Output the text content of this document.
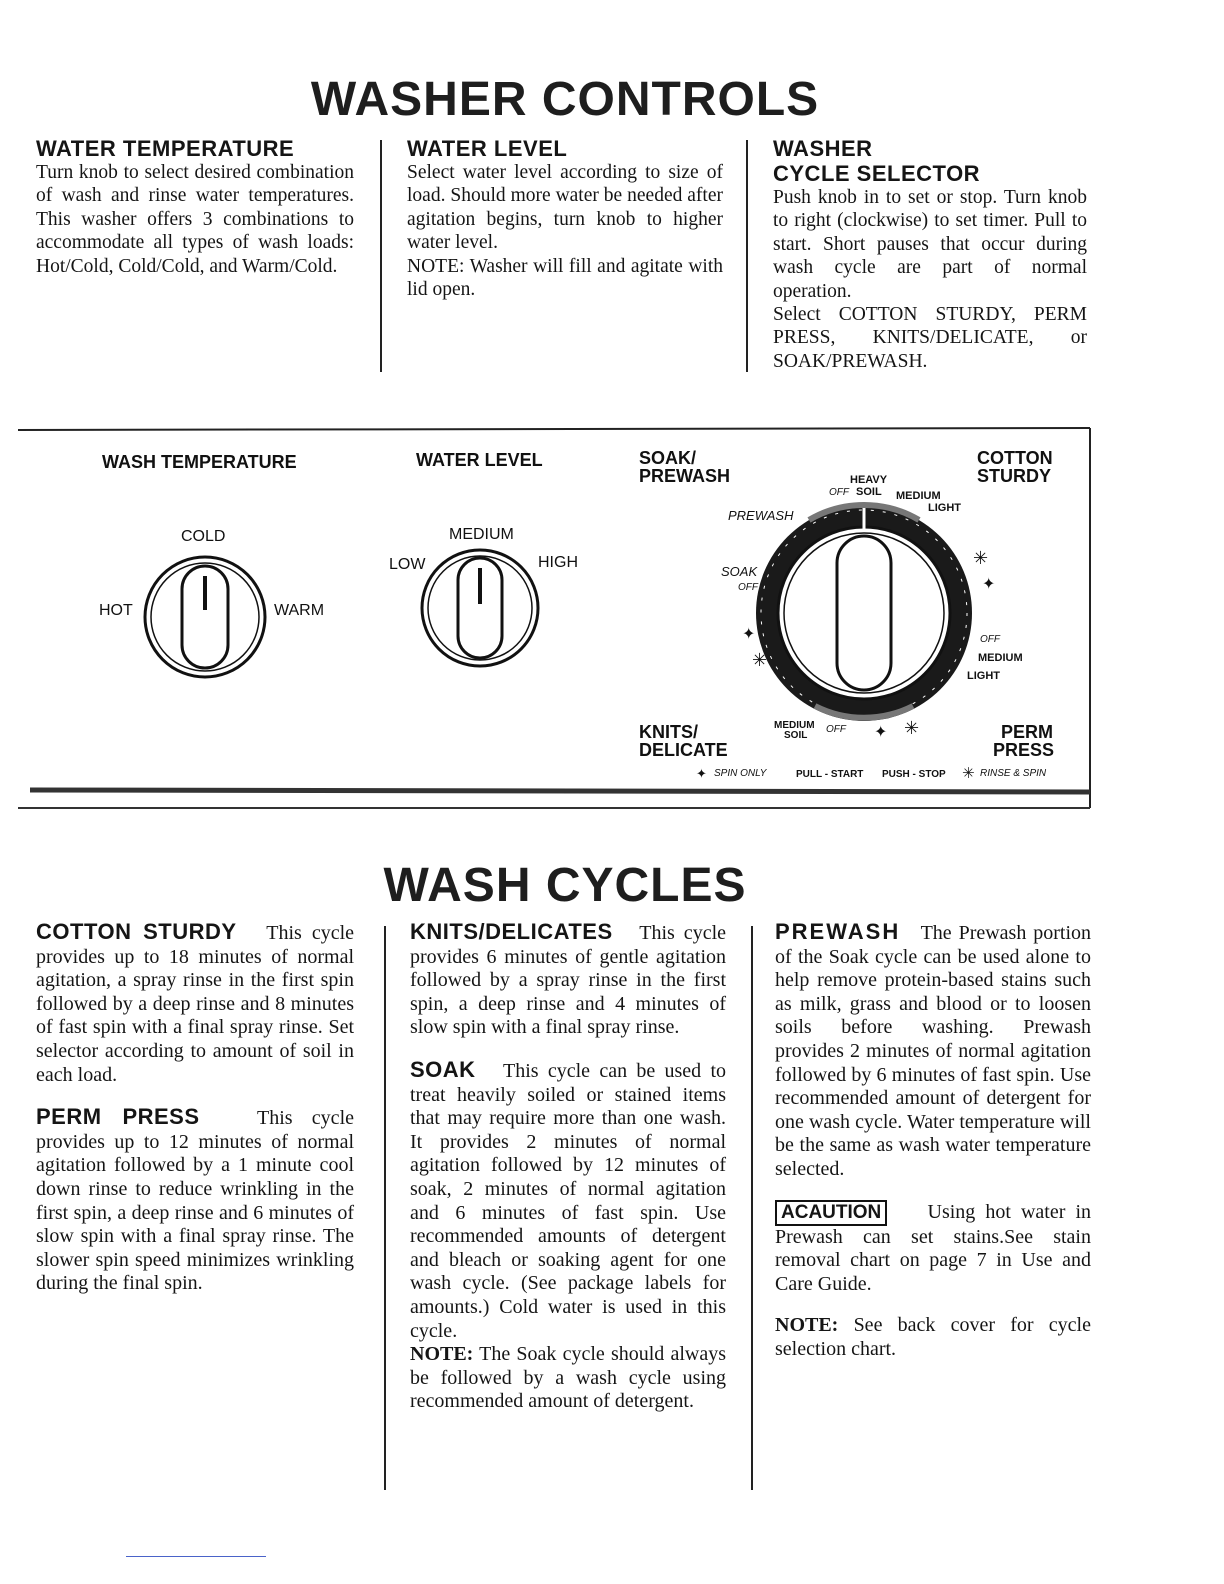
WASHER CONTROLS
WATER TEMPERATURE
Turn knob to select desired combination of wash and rinse water temperatures. This washer offers 3 combinations to accommodate all types of wash loads: Hot/Cold, Cold/Cold, and Warm/Cold.
WATER LEVEL
Select water level according to size of load. Should more water be needed after agitation begins, turn knob to higher water level.
NOTE: Washer will fill and agitate with lid open.
WASHER
CYCLE SELECTOR
Push knob in to set or stop. Turn knob to right (clockwise) to set timer. Pull to start. Short pauses that occur during wash cycle are part of normal operation.
Select COTTON STURDY, PERM PRESS, KNITS/DELICATE, or SOAK/PREWASH.
WASH TEMPERATURE
COLD
HOT	WARM
WATER LEVEL
MEDIUM
LOW	HIGH
SOAK/
PREWASH
COTTON
STURDY
KNITS/
DELICATE
PERM
PRESS
HEAVY
OFF SOIL MEDIUM
LIGHT
PREWASH
SOAK
OFF
OFF
MEDIUM
LIGHT
MEDIUM
SOIL
OFF
✳
✦
✦
✳
✦ ✳
✦ SPIN ONLY	PULL - START PUSH - STOP ✳ RINSE & SPIN
WASH CYCLES

COTTON STURDY This cycle provides up to 18 minutes of normal agitation, a spray rinse in the first spin followed by a deep rinse and 8 minutes of fast spin with a final spray rinse. Set selector according to amount of soil in each load.

PERM PRESS	This cycle provides up to 12 minutes of normal agitation followed by a 1 minute cool down rinse to reduce wrinkling in the first spin, a deep rinse and 6 minutes of slow spin with a final spray rinse. The slower spin speed minimizes wrinkling during the final spin.

KNITS/DELICATES This cycle provides 6 minutes of gentle agitation followed by a spray rinse in the first spin, a deep rinse and 4 minutes of slow spin with a final spray rinse.

SOAK This cycle can be used to treat heavily soiled or stained items that may require more than one wash. It provides 2 minutes of normal agitation followed by 12 minutes of soak, 2 minutes of normal agitation and 6 minutes of fast spin. Use recommended amounts of detergent and bleach or soaking agent for one wash cycle. (See package labels for amounts.) Cold water is used in this cycle.

NOTE: The Soak cycle should always be followed by a wash cycle using recommended amount of detergent.

PREWASH The Prewash portion of the Soak cycle can be used alone to help remove protein-based stains such as milk, grass and blood or to loosen soils before washing. Prewash provides 2 minutes of normal agitation followed by 6 minutes of fast spin. Use recommended amount of detergent for one wash cycle. Water temperature will be the same as wash water temperature selected.

ACAUTION Using hot water in Prewash can set stains.See stain removal chart on page 7 in Use and Care Guide.

NOTE: See back cover for cycle selection chart.
